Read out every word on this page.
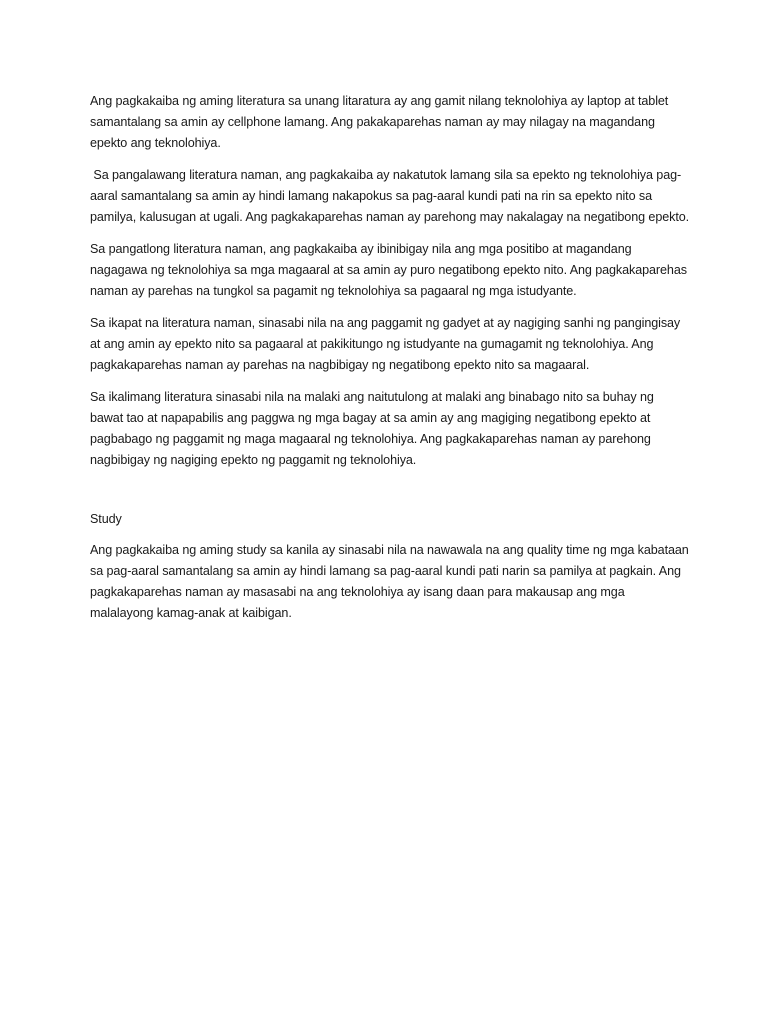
Ang pagkakaiba ng aming literatura sa unang litaratura ay ang gamit nilang teknolohiya ay laptop at tablet samantalang sa amin ay cellphone lamang. Ang pakakaparehas naman ay may nilagay na magandang epekto ang teknolohiya.

Sa pangalawang literatura naman, ang pagkakaiba ay nakatutok lamang sila sa epekto ng teknolohiya pag-aaral samantalang sa amin ay hindi lamang nakapokus sa pag-aaral kundi pati na rin sa epekto nito sa pamilya, kalusugan at ugali. Ang pagkakaparehas naman ay parehong may nakalagay na negatibong epekto.

Sa pangatlong literatura naman, ang pagkakaiba ay ibinibigay nila ang mga positibo at magandang nagagawa ng teknolohiya sa mga magaaral at sa amin ay puro negatibong epekto nito. Ang pagkakaparehas naman ay parehas na tungkol sa pagamit ng teknolohiya sa pagaaral ng mga istudyante.

Sa ikapat na literatura naman, sinasabi nila na ang paggamit ng gadyet at ay nagiging sanhi ng pangingisay at ang amin ay epekto nito sa pagaaral at pakikitungo ng istudyante na gumagamit ng teknolohiya. Ang pagkakaparehas naman ay parehas na nagbibigay ng negatibong epekto nito sa magaaral.

Sa ikalimang literatura sinasabi nila na malaki ang naitutulong at malaki ang binabago nito sa buhay ng bawat tao at napapabilis ang paggwa ng mga bagay at sa amin ay ang magiging negatibong epekto at pagbabago ng paggamit ng maga magaaral ng teknolohiya. Ang pagkakaparehas naman ay parehong nagbibigay ng nagiging epekto ng paggamit ng teknolohiya.

Study

Ang pagkakaiba ng aming study sa kanila ay sinasabi nila na nawawala na ang quality time ng mga kabataan sa pag-aaral samantalang sa amin ay hindi lamang sa pag-aaral kundi pati narin sa pamilya at pagkain. Ang pagkakaparehas naman ay masasabi na ang teknolohiya ay isang daan para makausap ang mga malalayong kamag-anak at kaibigan.
